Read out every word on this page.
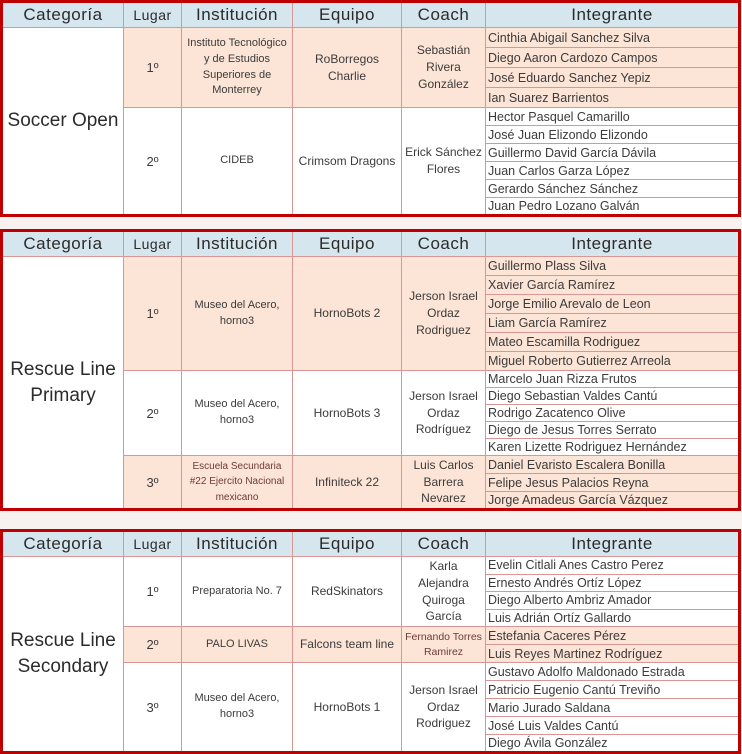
Categoría	Lugar	Institución	Equipo	Coach	Integrante
Soccer Open	1º	Instituto Tecnológico y de Estudios Superiores de Monterrey	RoBorregos Charlie	Sebastián Rivera González	Cinthia Abigail Sanchez Silva
					Diego Aaron Cardozo Campos
					José Eduardo Sanchez Yepiz
					Ian Suarez Barrientos
	2º	CIDEB	Crimsom Dragons	Erick Sánchez Flores	Hector Pasquel Camarillo
					José Juan Elizondo Elizondo
					Guillermo David García Dávila
					Juan Carlos Garza López
					Gerardo Sánchez Sánchez
					Juan Pedro Lozano Galván
Categoría	Lugar	Institución	Equipo	Coach	Integrante
Rescue Line Primary	1º	Museo del Acero, horno3	HornoBots 2	Jerson Israel Ordaz Rodriguez	Guillermo Plass Silva
					Xavier García Ramírez
					Jorge Emilio Arevalo de Leon
					Liam García Ramírez
					Mateo Escamilla Rodriguez
					Miguel Roberto Gutierrez Arreola
	2º	Museo del Acero, horno3	HornoBots 3	Jerson Israel Ordaz Rodríguez	Marcelo Juan Rizza Frutos
					Diego Sebastian Valdes Cantú
					Rodrigo Zacatenco Olive
					Diego de Jesus Torres Serrato
					Karen Lizette Rodriguez Hernández
	3º	Escuela Secundaria #22 Ejercito Nacional mexicano	Infiniteck 22	Luis Carlos Barrera Nevarez	Daniel Evaristo Escalera Bonilla
					Felipe Jesus Palacios Reyna
					Jorge Amadeus García Vázquez
Categoría	Lugar	Institución	Equipo	Coach	Integrante
Rescue Line Secondary	1º	Preparatoria No. 7	RedSkinators	Karla Alejandra Quiroga García	Evelin Citlali Anes Castro Perez
					Ernesto Andrés Ortíz López
					Diego Alberto Ambriz Amador
					Luis Adrián Ortíz Gallardo
	2º	PALO LIVAS	Falcons team line	Fernando Torres Ramirez	Estefania Caceres Pérez
					Luis Reyes Martinez Rodríguez
	3º	Museo del Acero, horno3	HornoBots 1	Jerson Israel Ordaz Rodriguez	Gustavo Adolfo Maldonado Estrada
					Patricio Eugenio Cantú Treviño
					Mario Jurado Saldana
					José Luis Valdes Cantú
					Diego Ávila González
